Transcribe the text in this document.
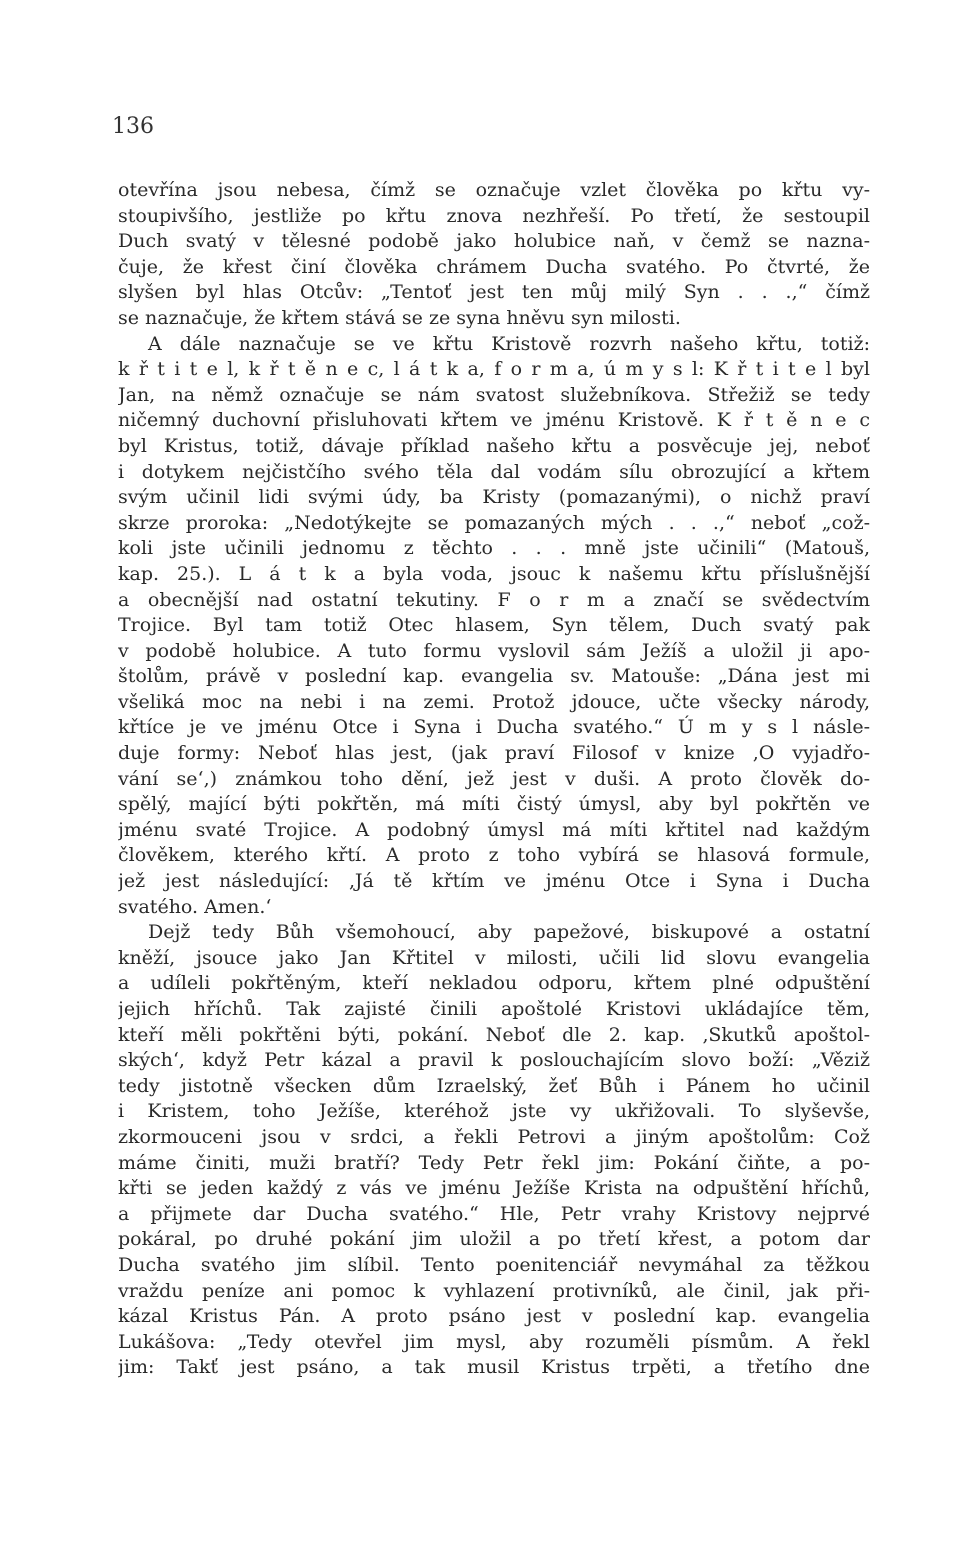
136

otevřína jsou nebesa, čímž se označuje vzlet člověka po křtu vy-
stoupivšího, jestliže po křtu znova nezhřeší. Po třetí, že sestoupil
Duch svatý v tělesné podobě jako holubice naň, v čemž se nazna-
čuje, že křest činí člověka chrámem Ducha svatého. Po čtvrté, že
slyšen byl hlas Otcův: „Tentoť jest ten můj milý Syn . . .,“ čímž
se naznačuje, že křtem stává se ze syna hněvu syn milosti.
A dále naznačuje se ve křtu Kristově rozvrh našeho křtu, totiž:
k ř t i t e l, k ř t ě n e c, l á t k a, f o r m a, ú m y s l: K ř t i t e l byl
Jan, na němž označuje se nám svatost služebníkova. Střežiž se tedy
ničemný duchovní přisluhovati křtem ve jménu Kristově. K ř t ě n e c
byl Kristus, totiž, dávaje příklad našeho křtu a posvěcuje jej, neboť
i dotykem nejčistčího svého těla dal vodám sílu obrozující a křtem
svým učinil lidi svými údy, ba Kristy (pomazanými), o nichž praví
skrze proroka: „Nedotýkejte se pomazaných mých . . .,“ neboť „což-
koli jste učinili jednomu z těchto . . . mně jste učinili“ (Matouš,
kap. 25.). L á t k a byla voda, jsouc k našemu křtu příslušnější
a obecnější nad ostatní tekutiny. F o r m a značí se svědectvím
Trojice. Byl tam totiž Otec hlasem, Syn tělem, Duch svatý pak
v podobě holubice. A tuto formu vyslovil sám Ježíš a uložil ji apo-
štolům, právě v poslední kap. evangelia sv. Matouše: „Dána jest mi
všeliká moc na nebi i na zemi. Protož jdouce, učte všecky národy,
křtíce je ve jménu Otce i Syna i Ducha svatého.“ Ú m y s l násle-
duje formy: Neboť hlas jest, (jak praví Filosof v knize ‚O vyjadřo-
vání se‘,) známkou toho dění, jež jest v duši. A proto člověk do-
spělý, mající býti pokřtěn, má míti čistý úmysl, aby byl pokřtěn ve
jménu svaté Trojice. A podobný úmysl má míti křtitel nad každým
člověkem, kterého křtí. A proto z toho vybírá se hlasová formule,
jež jest následující: ‚Já tě křtím ve jménu Otce i Syna i Ducha
svatého. Amen.‘
Dejž tedy Bůh všemohoucí, aby papežové, biskupové a ostatní
kněží, jsouce jako Jan Křtitel v milosti, učili lid slovu evangelia
a udíleli pokřtěným, kteří nekladou odporu, křtem plné odpuštění
jejich hříchů. Tak zajisté činili apoštolé Kristovi ukládajíce těm,
kteří měli pokřtěni býti, pokání. Neboť dle 2. kap. ‚Skutků apoštol-
ských‘, když Petr kázal a pravil k poslouchajícím slovo boží: „Věziž
tedy jistotně všecken dům Izraelský, žeť Bůh i Pánem ho učinil
i Kristem, toho Ježíše, kteréhož jste vy ukřižovali. To slyševše,
zkormouceni jsou v srdci, a řekli Petrovi a jiným apoštolům: Což
máme činiti, muži bratří? Tedy Petr řekl jim: Pokání čiňte, a po-
křti se jeden každý z vás ve jménu Ježíše Krista na odpuštění hříchů,
a přijmete dar Ducha svatého.“ Hle, Petr vrahy Kristovy nejprvé
pokáral, po druhé pokání jim uložil a po třetí křest, a potom dar
Ducha svatého jim slíbil. Tento poenitenciář nevymáhal za těžkou
vraždu peníze ani pomoc k vyhlazení protivníků, ale činil, jak při-
kázal Kristus Pán. A proto psáno jest v poslední kap. evangelia
Lukášova: „Tedy otevřel jim mysl, aby rozuměli písmům. A řekl
jim: Takť jest psáno, a tak musil Kristus trpěti, a třetího dne
